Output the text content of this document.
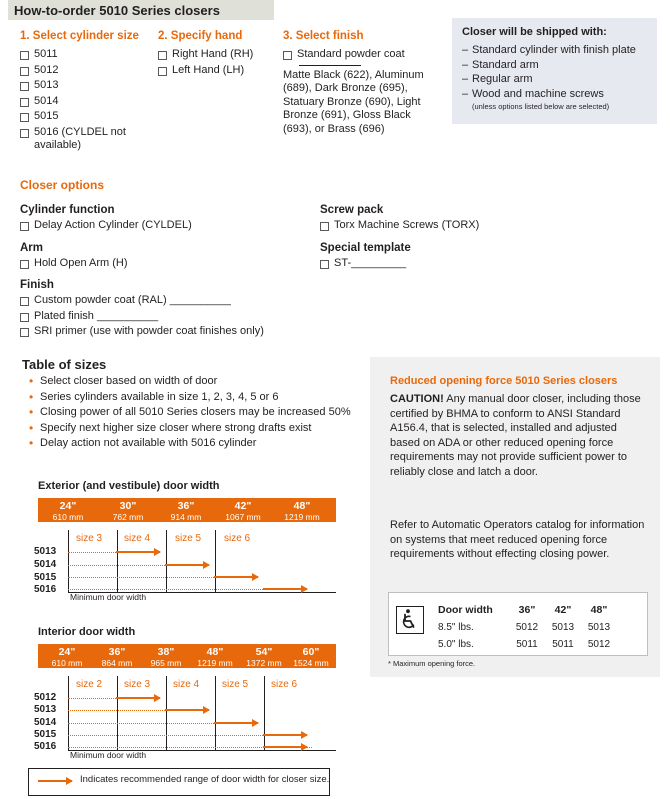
How-to-order 5010 Series closers
1. Select cylinder size
5011
5012
5013
5014
5015
5016 (CYLDEL not available)
2. Specify hand
Right Hand (RH)
Left Hand (LH)
3. Select finish
Standard powder coat
Matte Black (622), Aluminum (689), Dark Bronze (695), Statuary Bronze (690), Light Bronze (691), Gloss Black (693), or Brass (696)
Closer will be shipped with:
– Standard cylinder with finish plate
– Standard arm
– Regular arm
– Wood and machine screws
(unless options listed below are selected)
Closer options
Cylinder function
Delay Action Cylinder (CYLDEL)
Arm
Hold Open Arm (H)
Finish
Custom powder coat (RAL) __________
Plated finish __________
SRI primer (use with powder coat finishes only)
Screw pack
Torx Machine Screws (TORX)
Special template
ST-_________
Table of sizes
• Select closer based on width of door
• Series cylinders available in size 1, 2, 3, 4, 5 or 6
• Closing power of all 5010 Series closers may be increased 50%
• Specify next higher size closer where strong drafts exist
• Delay action not available with 5016 cylinder
Reduced opening force 5010 Series closers
CAUTION! Any manual door closer, including those certified by BHMA to conform to ANSI Standard A156.4, that is selected, installed and adjusted based on ADA or other reduced opening force requirements may not provide sufficient power to reliably close and latch a door.
Refer to Automatic Operators catalog for information on systems that meet reduced opening force requirements without effecting closing power.
Door width	36"	42"	48"
8.5" lbs.	5012	5013	5013
5.0" lbs.	5011	5011	5012
* Maximum opening force.
Exterior (and vestibule) door width
24"
610 mm
30"
762 mm
36"
914 mm
42"
1067 mm
48"
1219 mm
size 3 size 4 size 5 size 6
5013
5014
5015
5016
Minimum door width
Interior door width
24"
610 mm
36"
864 mm
38"
965 mm
48"
1219 mm
54"
1372 mm
60"
1524 mm
size 2 size 3 size 4 size 5 size 6
5012
5013
5014
5015
5016
Minimum door width
Indicates recommended range of door width for closer size.
